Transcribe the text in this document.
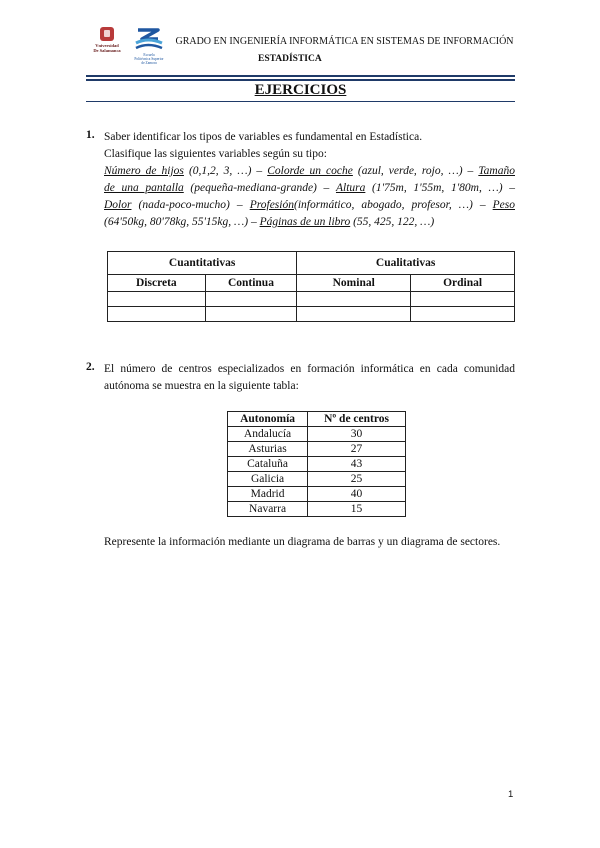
Vniversidad
De Salamanca
Escuela
Politécnica Superior
de Zamora
GRADO EN INGENIERÍA INFORMÁTICA EN SISTEMAS DE INFORMACIÓN
ESTADÍSTICA
EJERCICIOS
1. Saber identificar los tipos de variables es fundamental en Estadística.
Clasifique las siguientes variables según su tipo:
Número de hijos (0,1,2, 3, …) – Colorde un coche (azul, verde, rojo, …) – Tamaño
de una pantalla (pequeña-mediana-grande) – Altura (1'75m, 1'55m, 1'80m, …) –
Dolor (nada-poco-mucho) – Profesión(informático, abogado, profesor, …) – Peso
(64'50kg, 80'78kg, 55'15kg, …) – Páginas de un libro (55, 425, 122, …)
Cuantitativas		Cualitativas	
Discreta	Continua	Nominal	Ordinal

2. El número de centros especializados en formación informática en cada comunidad
autónoma se muestra en la siguiente tabla:
Autonomía	Nº de centros
Andalucía	30
Asturias	27
Cataluña	43
Galicia	25
Madrid	40
Navarra	15
Represente la información mediante un diagrama de barras y un diagrama de sectores.
1
